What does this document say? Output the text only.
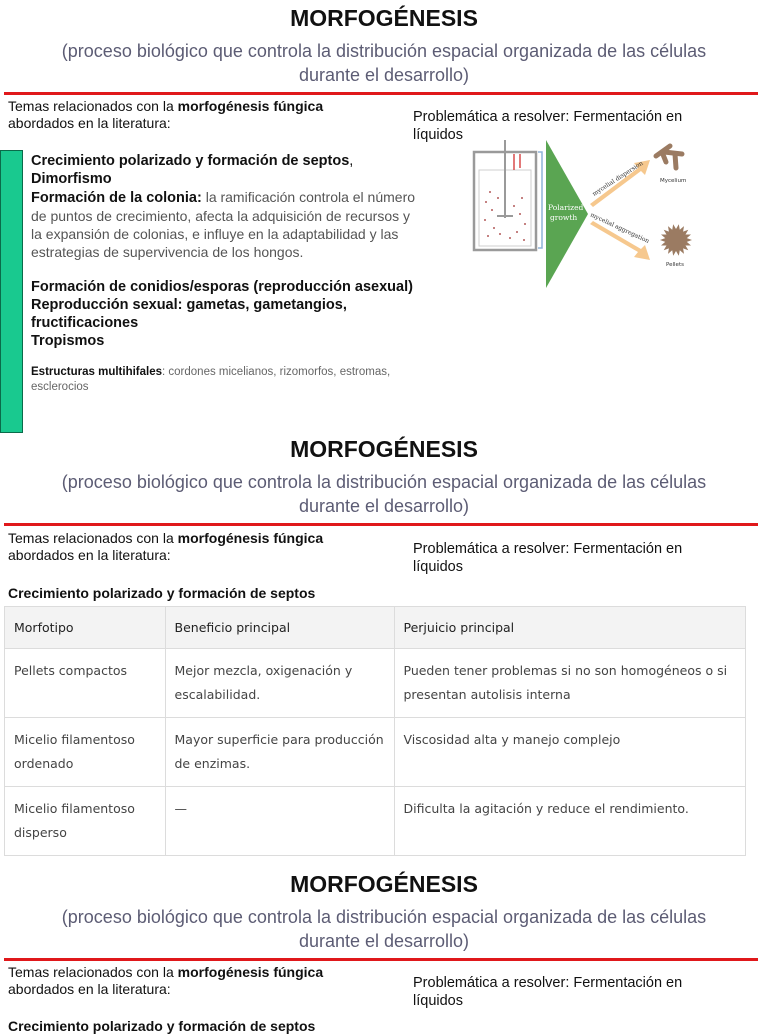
MORFOGÉNESIS
(proceso biológico que controla la distribución espacial organizada de las células
durante el desarrollo)
Temas relacionados con la morfogénesis fúngica
abordados en la literatura:	Problemática a resolver: Fermentación en
líquidos
Crecimiento polarizado y formación de septos,
Dimorfismo
Formación de la colonia: la ramificación controla el número de puntos de crecimiento, afecta la adquisición de recursos y la expansión de colonias, e influye en la adaptabilidad y las estrategias de supervivencia de los hongos.
Formación de conidios/esporas (reproducción asexual)
Reproducción sexual: gametas, gametangios, fructificaciones
Tropismos
Estructuras multihifales: cordones micelianos, rizomorfos, estromas, esclerocios
Polarized
growth
mycelial dispersion
mycelial aggregation
Mycelium
Pellets
MORFOGÉNESIS
(proceso biológico que controla la distribución espacial organizada de las células
durante el desarrollo)
Temas relacionados con la morfogénesis fúngica
abordados en la literatura:	Problemática a resolver: Fermentación en
líquidos
Crecimiento polarizado y formación de septos
Morfotipo	Beneficio principal	Perjuicio principal
Pellets compactos	Mejor mezcla, oxigenación y escalabilidad.	Pueden tener problemas si no son homogéneos o si presentan autolisis interna
Micelio filamentoso ordenado	Mayor superficie para producción de enzimas.	Viscosidad alta y manejo complejo
Micelio filamentoso disperso	—	Dificulta la agitación y reduce el rendimiento.
MORFOGÉNESIS
(proceso biológico que controla la distribución espacial organizada de las células
durante el desarrollo)
Temas relacionados con la morfogénesis fúngica
abordados en la literatura:	Problemática a resolver: Fermentación en
líquidos
Crecimiento polarizado y formación de septos
